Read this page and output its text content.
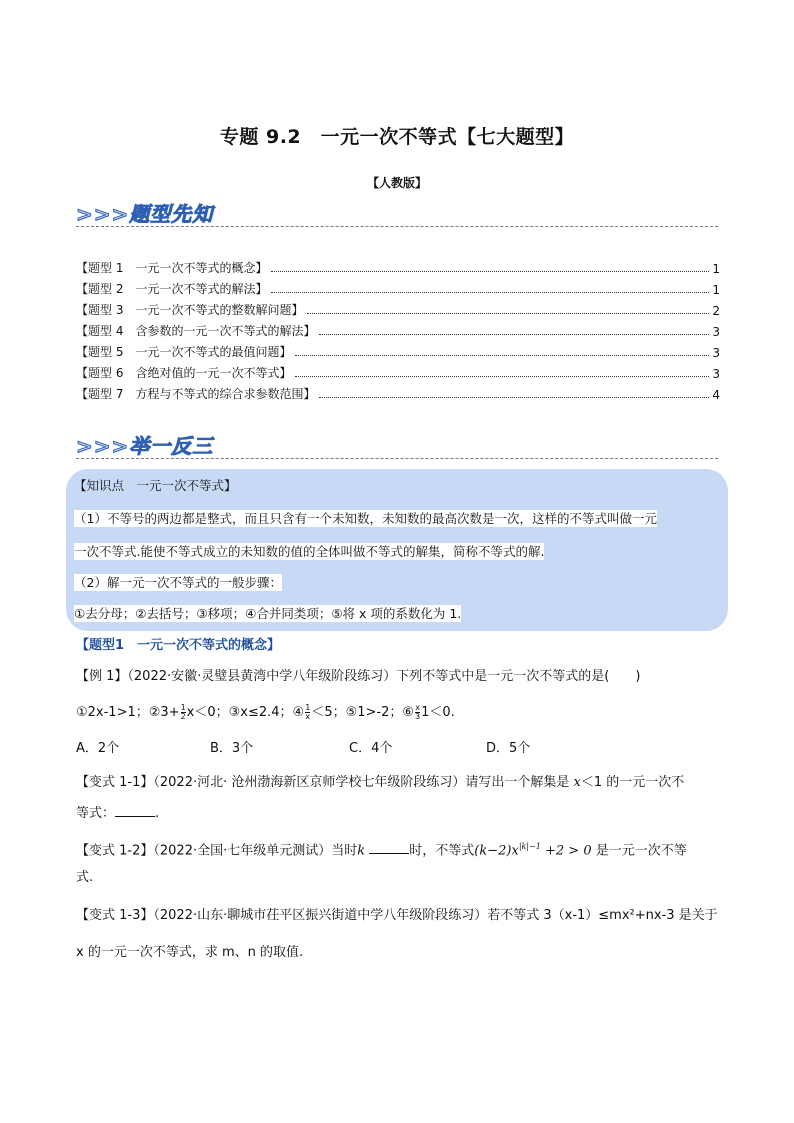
专题 9.2　一元一次不等式【七大题型】
【人教版】
>>>题型先知
【题型 1　一元一次不等式的概念】	1
【题型 2　一元一次不等式的解法】	1
【题型 3　一元一次不等式的整数解问题】	2
【题型 4　含参数的一元一次不等式的解法】	3
【题型 5　一元一次不等式的最值问题】	3
【题型 6　含绝对值的一元一次不等式】	3
【题型 7　方程与不等式的综合求参数范围】	4
>>>举一反三
【知识点　一元一次不等式】
（1）不等号的两边都是整式，而且只含有一个未知数，未知数的最高次数是一次，这样的不等式叫做一元
一次不等式.能使不等式成立的未知数的值的全体叫做不等式的解集，简称不等式的解.
（2）解一元一次不等式的一般步骤：
①去分母；②去括号；③移项；④合并同类项；⑤将 x 项的系数化为 1.
【题型1　一元一次不等式的概念】
【例 1】（2022·安徽·灵璧县黄湾中学八年级阶段练习）下列不等式中是一元一次不等式的是(　　)
①2x-1>1；②3+ $\frac{1}{2} x<0$；③x≤2.4；④ $\frac{1}{x} <5$；⑤1>-2；⑥ $\frac{x}{3} 1<0$.
A．2个	B．3个	C．4个	D．5个
【变式 1-1】（2022·河北· 沧州渤海新区京师学校七年级阶段练习）请写出一个解集是 x＜1 的一元一次不
等式：	.
【变式 1-2】（2022·全国·七年级单元测试）当时k	时，不等式$(k-2)x^{|k|-1} +2 > 0$ 是一元一次不等
式.
【变式 1-3】（2022·山东·聊城市茌平区振兴街道中学八年级阶段练习）若不等式 3（x-1）≤mx²+nx-3 是关于
x 的一元一次不等式，求 m、n 的取值.
